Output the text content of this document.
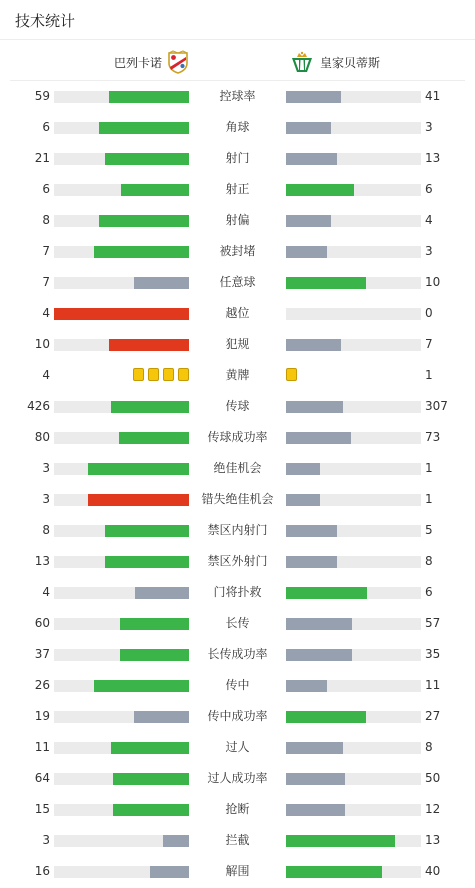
技术统计
巴列卡诺	皇家贝蒂斯
59	控球率	41
6	角球	3
21	射门	13
6	射正	6
8	射偏	4
7	被封堵	3
7	任意球	10
4	越位	0
10	犯规	7
4	黄牌	1
426	传球	307
80	传球成功率	73
3	绝佳机会	1
3	错失绝佳机会	1
8	禁区内射门	5
13	禁区外射门	8
4	门将扑救	6
60	长传	57
37	长传成功率	35
26	传中	11
19	传中成功率	27
11	过人	8
64	过人成功率	50
15	抢断	12
3	拦截	13
16	解围	40
